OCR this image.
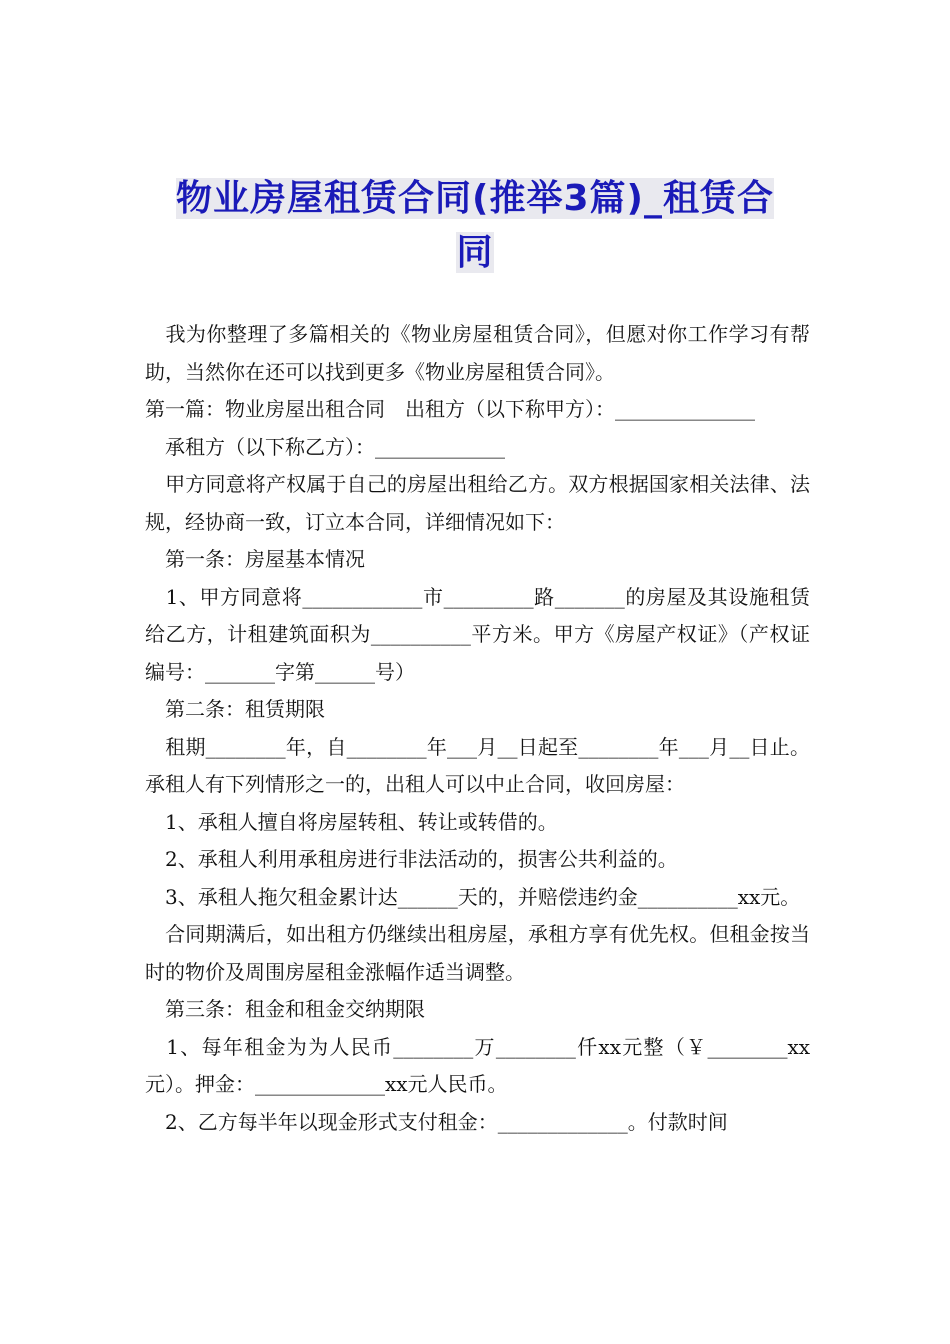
物业房屋租赁合同(推举3篇)_租赁合同

　我为你整理了多篇相关的《物业房屋租赁合同》，但愿对你工作学习有帮助，当然你在还可以找到更多《物业房屋租赁合同》。

第一篇：物业房屋出租合同　出租方（以下称甲方）：______________

　承租方（以下称乙方）：_____________

　甲方同意将产权属于自己的房屋出租给乙方。双方根据国家相关法律、法规，经协商一致，订立本合同，详细情况如下：

　第一条：房屋基本情况

　1、甲方同意将____________市_________路_______的房屋及其设施租赁给乙方，计租建筑面积为__________平方米。甲方《房屋产权证》（产权证编号：_______字第______号）

　第二条：租赁期限

　租期________年，自________年___月__日起至________年___月__日止。承租人有下列情形之一的，出租人可以中止合同，收回房屋：

　1、承租人擅自将房屋转租、转让或转借的。

　2、承租人利用承租房进行非法活动的，损害公共利益的。

　3、承租人拖欠租金累计达______天的，并赔偿违约金__________xx元。

　合同期满后，如出租方仍继续出租房屋，承租方享有优先权。但租金按当时的物价及周围房屋租金涨幅作适当调整。

　第三条：租金和租金交纳期限

　1、每年租金为为人民币________万________仟xx元整（￥________xx元）。押金：_____________xx元人民币。

　2、乙方每半年以现金形式支付租金：_____________。付款时间
